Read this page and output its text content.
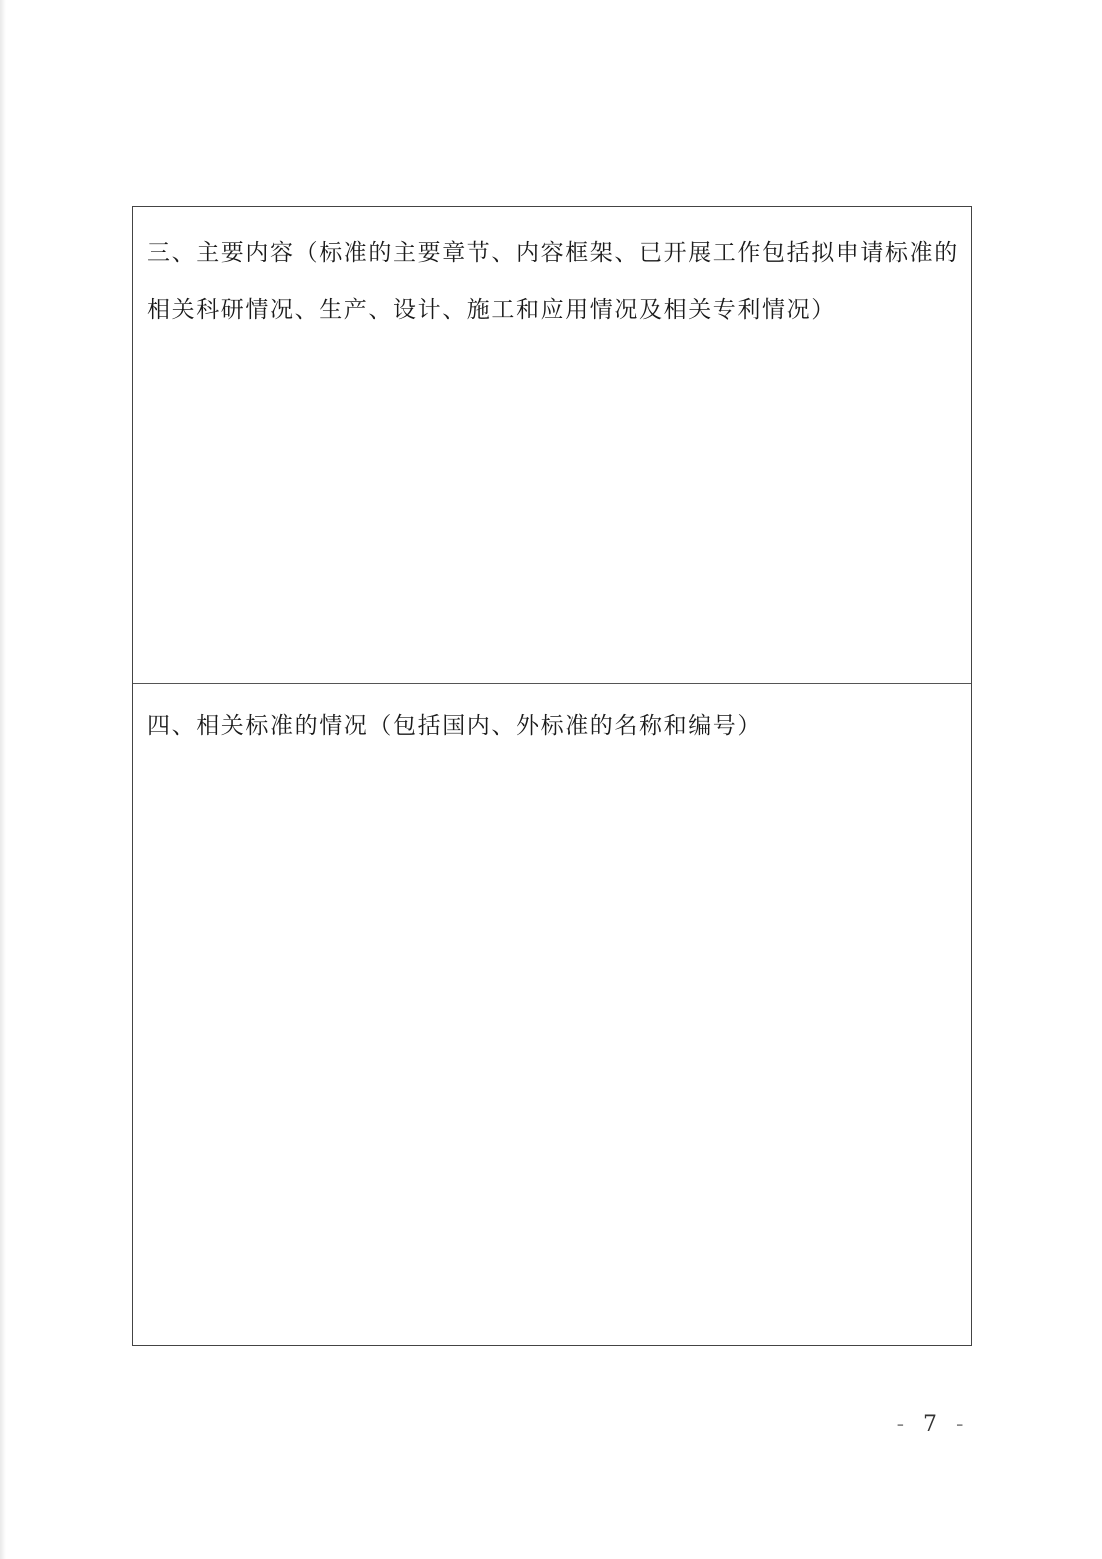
三、主要内容（标准的主要章节、内容框架、已开展工作包括拟申请标准的相关科研情况、生产、设计、施工和应用情况及相关专利情况）

四、相关标准的情况（包括国内、外标准的名称和编号）

- 7 -
